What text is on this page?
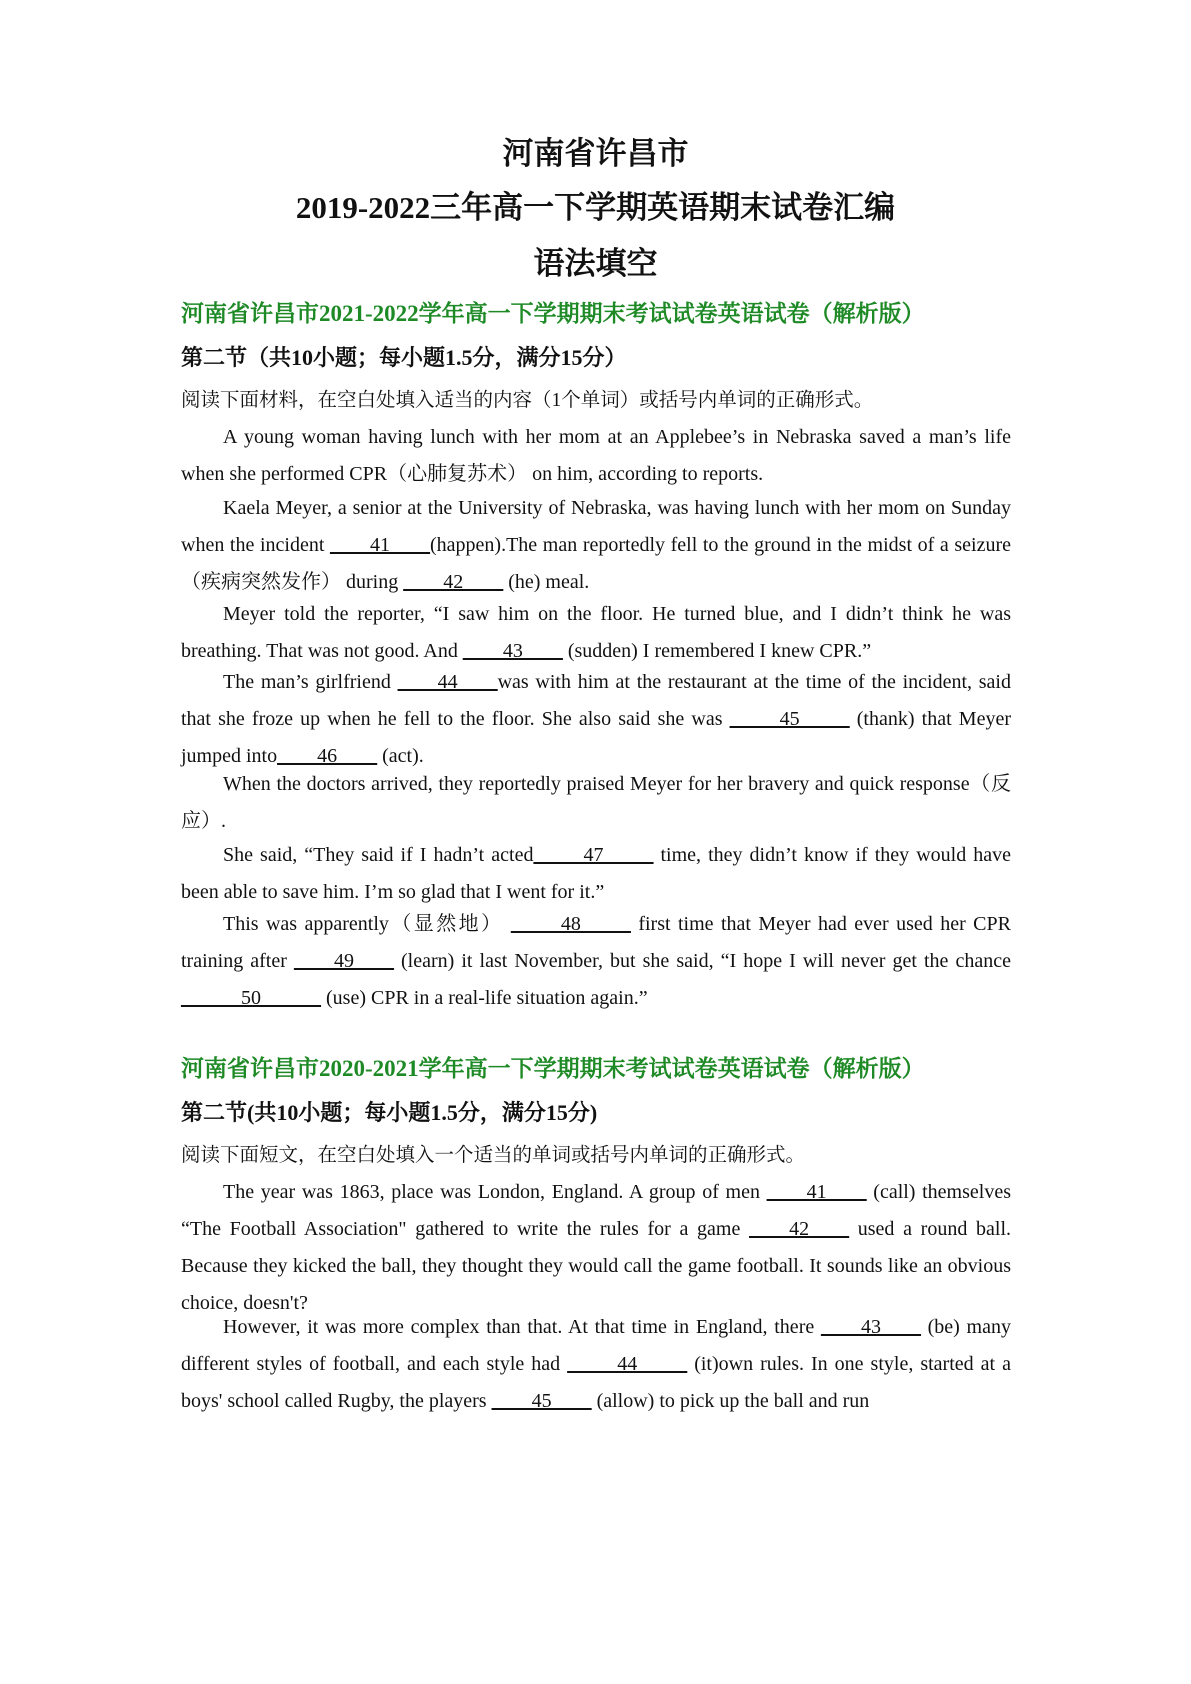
河南省许昌市
2019-2022三年高一下学期英语期末试卷汇编
语法填空
河南省许昌市2021-2022学年高一下学期期末考试试卷英语试卷（解析版）
第二节（共10小题；每小题1.5分，满分15分）
阅读下面材料，在空白处填入适当的内容（1个单词）或括号内单词的正确形式。
A young woman having lunch with her mom at an Applebee’s in Nebraska saved a man’s life when she performed CPR（心肺复苏术） on him, according to reports.
Kaela Meyer, a senior at the University of Nebraska, was having lunch with her mom on Sunday when the incident ____41____(happen).The man reportedly fell to the ground in the midst of a seizure（疾病突然发作） during ____42____ (he) meal.
Meyer told the reporter, “I saw him on the floor. He turned blue, and I didn’t think he was breathing. That was not good. And ____43____ (sudden) I remembered I knew CPR.”
The man’s girlfriend ____44____was with him at the restaurant at the time of the incident, said that she froze up when he fell to the floor. She also said she was _____45_____ (thank) that Meyer jumped into____46____ (act).
When the doctors arrived, they reportedly praised Meyer for her bravery and quick response（反应）.
She said, “They said if I hadn’t acted_____47_____ time, they didn’t know if they would have been able to save him. I’m so glad that I went for it.”
This was apparently（显然地） _____48_____ first time that Meyer had ever used her CPR training after ____49____ (learn) it last November, but she said, “I hope I will never get the chance ______50______ (use) CPR in a real-life situation again.”
河南省许昌市2020-2021学年高一下学期期末考试试卷英语试卷（解析版）
第二节(共10小题；每小题1.5分，满分15分)
阅读下面短文，在空白处填入一个适当的单词或括号内单词的正确形式。
The year was 1863, place was London, England. A group of men ____41____ (call) themselves “The Football Association" gathered to write the rules for a game ____42____ used a round ball. Because they kicked the ball, they thought they would call the game football. It sounds like an obvious choice, doesn't?
However, it was more complex than that. At that time in England, there ____43____ (be) many different styles of football, and each style had _____44_____ (it)own rules. In one style, started at a boys' school called Rugby, the players ____45____ (allow) to pick up the ball and run
